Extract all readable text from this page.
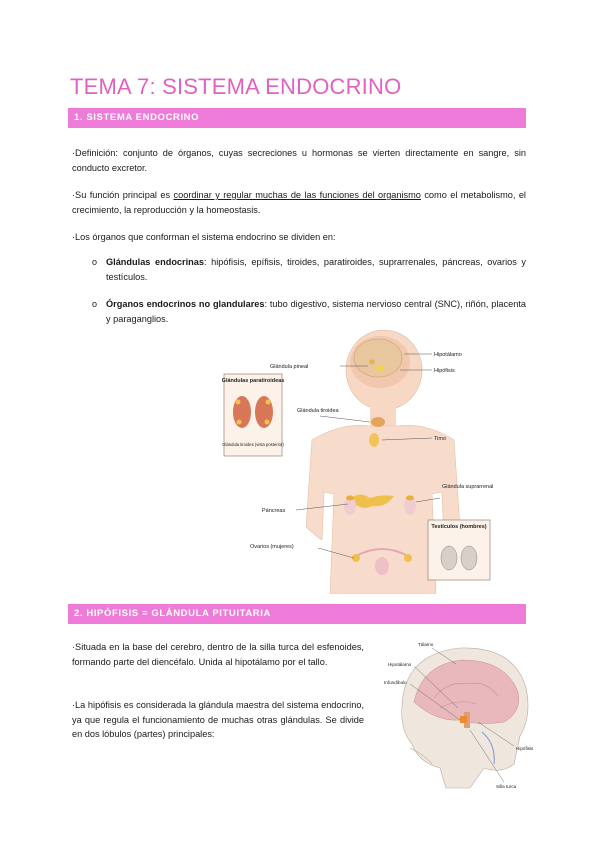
TEMA 7: SISTEMA ENDOCRINO
1. SISTEMA ENDOCRINO
·Definición: conjunto de órganos, cuyas secreciones u hormonas se vierten directamente en sangre, sin conducto excretor.
·Su función principal es coordinar y regular muchas de las funciones del organismo como el metabolismo, el crecimiento, la reproducción y la homeostasis.
·Los órganos que conforman el sistema endocrino se dividen en:
o Glándulas endocrinas: hipófisis, epífisis, tiroides, paratiroides, suprarrenales, páncreas, ovarios y testículos.
o Órganos endocrinos no glandulares: tubo digestivo, sistema nervioso central (SNC), riñón, placenta y paraganglios.
Glándulas paratiroideas
Glándula tiroides (vista posterior)
Testículos (hombres)
Glándula pineal
Hipotálamo
Hipófisis
Glándula tiroidea
Timo
Glándula suprarrenal
Páncreas
Ovarios (mujeres)
2. HIPÓFISIS = GLÁNDULA PITUITARIA
·Situada en la base del cerebro, dentro de la silla turca del esfenoides, formando parte del diencéfalo. Unida al hipotálamo por el tallo.
·La hipófisis es considerada la glándula maestra del sistema endocrino, ya que regula el funcionamiento de muchas otras glándulas. Se divide en dos lóbulos (partes) principales:
Tálamo
Hipotálamo
Infundíbulo
Hipófisis
Silla turca
